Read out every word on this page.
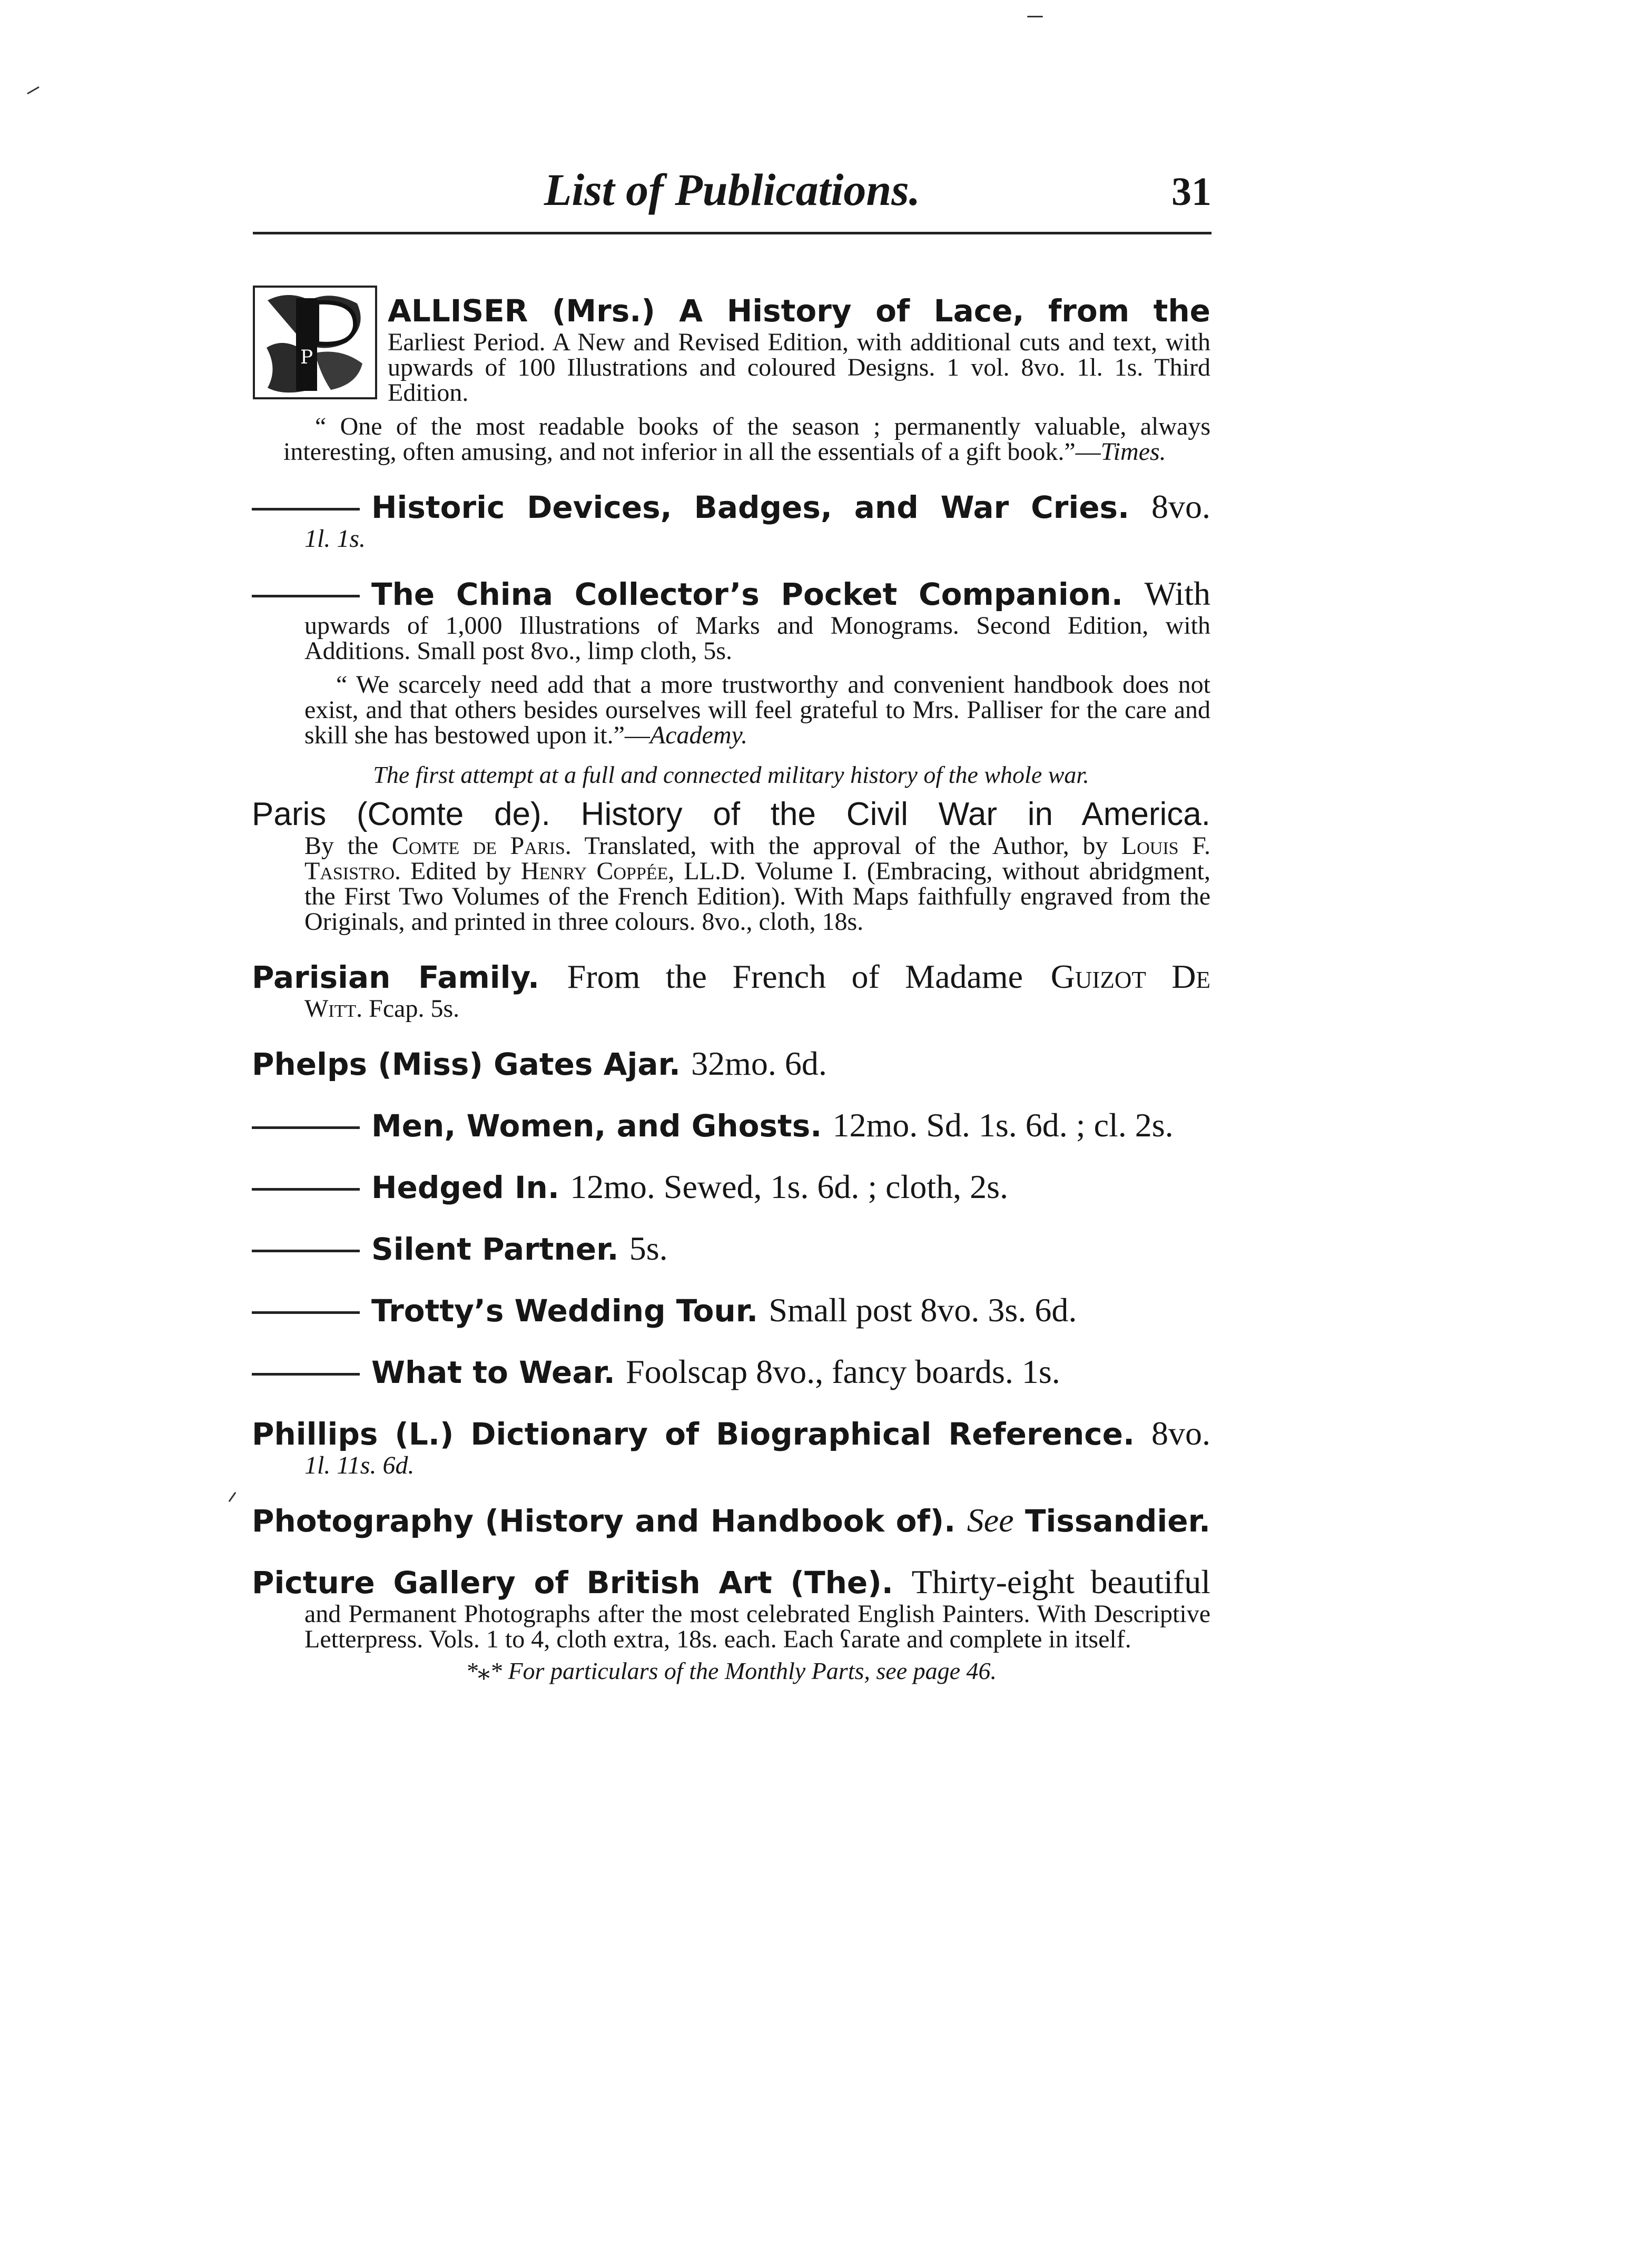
List of Publications.	31
P
ALLISER (Mrs.) A History of Lace, from the
Earliest Period. A New and Revised Edition, with additional cuts and text, with upwards of 100 Illustrations and coloured Designs. 1 vol. 8vo. 1l. 1s. Third Edition.
“ One of the most readable books of the season ; permanently valuable, always interesting, often amusing, and not inferior in all the essentials of a gift book.”—Times.
Historic Devices, Badges, and War Cries. 8vo.
1l. 1s.
The China Collector’s Pocket Companion. With
upwards of 1,000 Illustrations of Marks and Monograms. Second Edition, with Additions. Small post 8vo., limp cloth, 5s.
“ We scarcely need add that a more trustworthy and convenient handbook does not exist, and that others besides ourselves will feel grateful to Mrs. Palliser for the care and skill she has bestowed upon it.”—Academy.
The first attempt at a full and connected military history of the whole war.
Paris (Comte de). History of the Civil War in America.
By the Comte de Paris. Translated, with the approval of the Author, by Louis F. Tasistro. Edited by Henry Coppée, LL.D. Volume I. (Embracing, without abridgment, the First Two Volumes of the French Edition). With Maps faithfully engraved from the Originals, and printed in three colours. 8vo., cloth, 18s.
Parisian Family. From the French of Madame Guizot De
Witt. Fcap. 5s.
Phelps (Miss) Gates Ajar. 32mo. 6d.
Men, Women, and Ghosts. 12mo. Sd. 1s. 6d. ; cl. 2s.
Hedged In. 12mo. Sewed, 1s. 6d. ; cloth, 2s.
Silent Partner. 5s.
Trotty’s Wedding Tour. Small post 8vo. 3s. 6d.
What to Wear. Foolscap 8vo., fancy boards. 1s.
Phillips (L.) Dictionary of Biographical Reference. 8vo.
1l. 11s. 6d.
Photography (History and Handbook of). See Tissandier.
Picture Gallery of British Art (The). Thirty-eight beautiful
and Permanent Photographs after the most celebrated English Painters. With Descriptive Letterpress. Vols. 1 to 4, cloth extra, 18s. each. Each ʕarate and complete in itself.
*⁎* For particulars of the Monthly Parts, see page 46.
